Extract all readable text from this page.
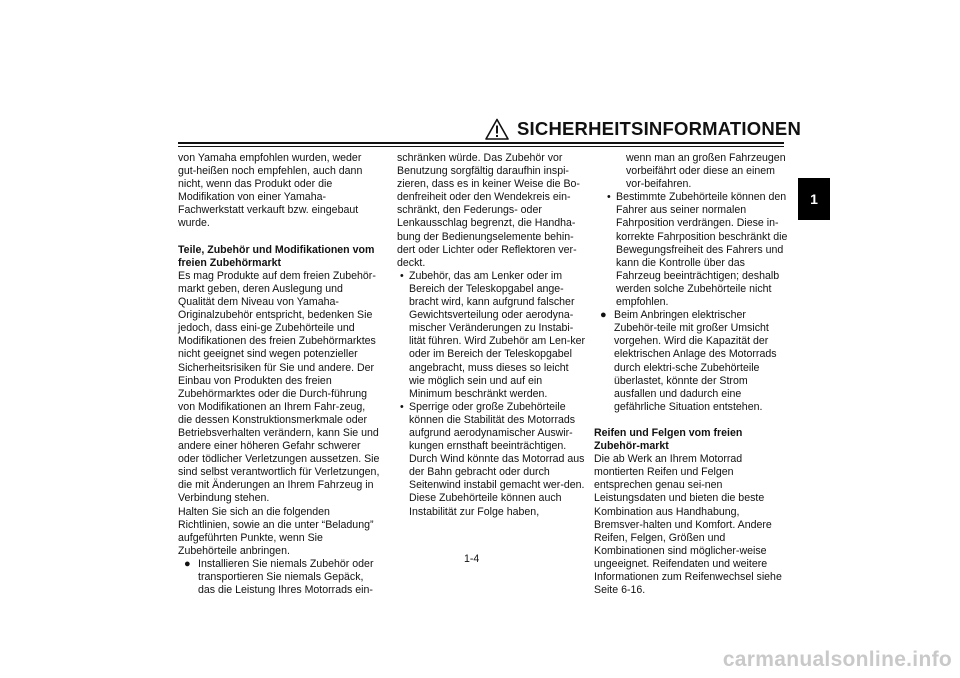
SICHERHEITSINFORMATIONEN
1

von Yamaha empfohlen wurden, weder gut-heißen noch empfehlen, auch dann nicht, wenn das Produkt oder die Modifikation von einer Yamaha-Fachwerkstatt verkauft bzw. eingebaut wurde.

Teile, Zubehör und Modifikationen vom freien Zubehörmarkt

Es mag Produkte auf dem freien Zubehör-markt geben, deren Auslegung und Qualität dem Niveau von Yamaha-Originalzubehör entspricht, bedenken Sie jedoch, dass eini-ge Zubehörteile und Modifikationen des freien Zubehörmarktes nicht geeignet sind wegen potenzieller Sicherheitsrisiken für Sie und andere. Der Einbau von Produkten des freien Zubehörmarktes oder die Durch-führung von Modifikationen an Ihrem Fahr-zeug, die dessen Konstruktionsmerkmale oder Betriebsverhalten verändern, kann Sie und andere einer höheren Gefahr schwerer oder tödlicher Verletzungen aussetzen. Sie sind selbst verantwortlich für Verletzungen, die mit Änderungen an Ihrem Fahrzeug in Verbindung stehen.

Halten Sie sich an die folgenden Richtlinien, sowie an die unter “Beladung” aufgeführten Punkte, wenn Sie Zubehörteile anbringen.

● Installieren Sie niemals Zubehör oder transportieren Sie niemals Gepäck, das die Leistung Ihres Motorrads ein-

schränken würde. Das Zubehör vor Benutzung sorgfältig daraufhin inspi-zieren, dass es in keiner Weise die Bo-denfreiheit oder den Wendekreis ein-schränkt, den Federungs- oder Lenkausschlag begrenzt, die Handha-bung der Bedienungselemente behin-dert oder Lichter oder Reflektoren ver-deckt.

• Zubehör, das am Lenker oder im Bereich der Teleskopgabel ange-bracht wird, kann aufgrund falscher Gewichtsverteilung oder aerodyna-mischer Veränderungen zu Instabi-lität führen. Wird Zubehör am Len-ker oder im Bereich der Teleskopgabel angebracht, muss dieses so leicht wie möglich sein und auf ein Minimum beschränkt werden.
• Sperrige oder große Zubehörteile können die Stabilität des Motorrads aufgrund aerodynamischer Auswir-kungen ernsthaft beeinträchtigen. Durch Wind könnte das Motorrad aus der Bahn gebracht oder durch Seitenwind instabil gemacht wer-den. Diese Zubehörteile können auch Instabilität zur Folge haben,

wenn man an großen Fahrzeugen vorbeifährt oder diese an einem vor-beifahren.

• Bestimmte Zubehörteile können den Fahrer aus seiner normalen Fahrposition verdrängen. Diese in-korrekte Fahrposition beschränkt die Bewegungsfreiheit des Fahrers und kann die Kontrolle über das Fahrzeug beeinträchtigen; deshalb werden solche Zubehörteile nicht empfohlen.
● Beim Anbringen elektrischer Zubehör-teile mit großer Umsicht vorgehen. Wird die Kapazität der elektrischen Anlage des Motorrads durch elektri-sche Zubehörteile überlastet, könnte der Strom ausfallen und dadurch eine gefährliche Situation entstehen.

Reifen und Felgen vom freien Zubehör-markt

Die ab Werk an Ihrem Motorrad montierten Reifen und Felgen entsprechen genau sei-nen Leistungsdaten und bieten die beste Kombination aus Handhabung, Bremsver-halten und Komfort. Andere Reifen, Felgen, Größen und Kombinationen sind möglicher-weise ungeeignet. Reifendaten und weitere Informationen zum Reifenwechsel siehe Seite 6-16.

1-4
carmanualsonline.info
